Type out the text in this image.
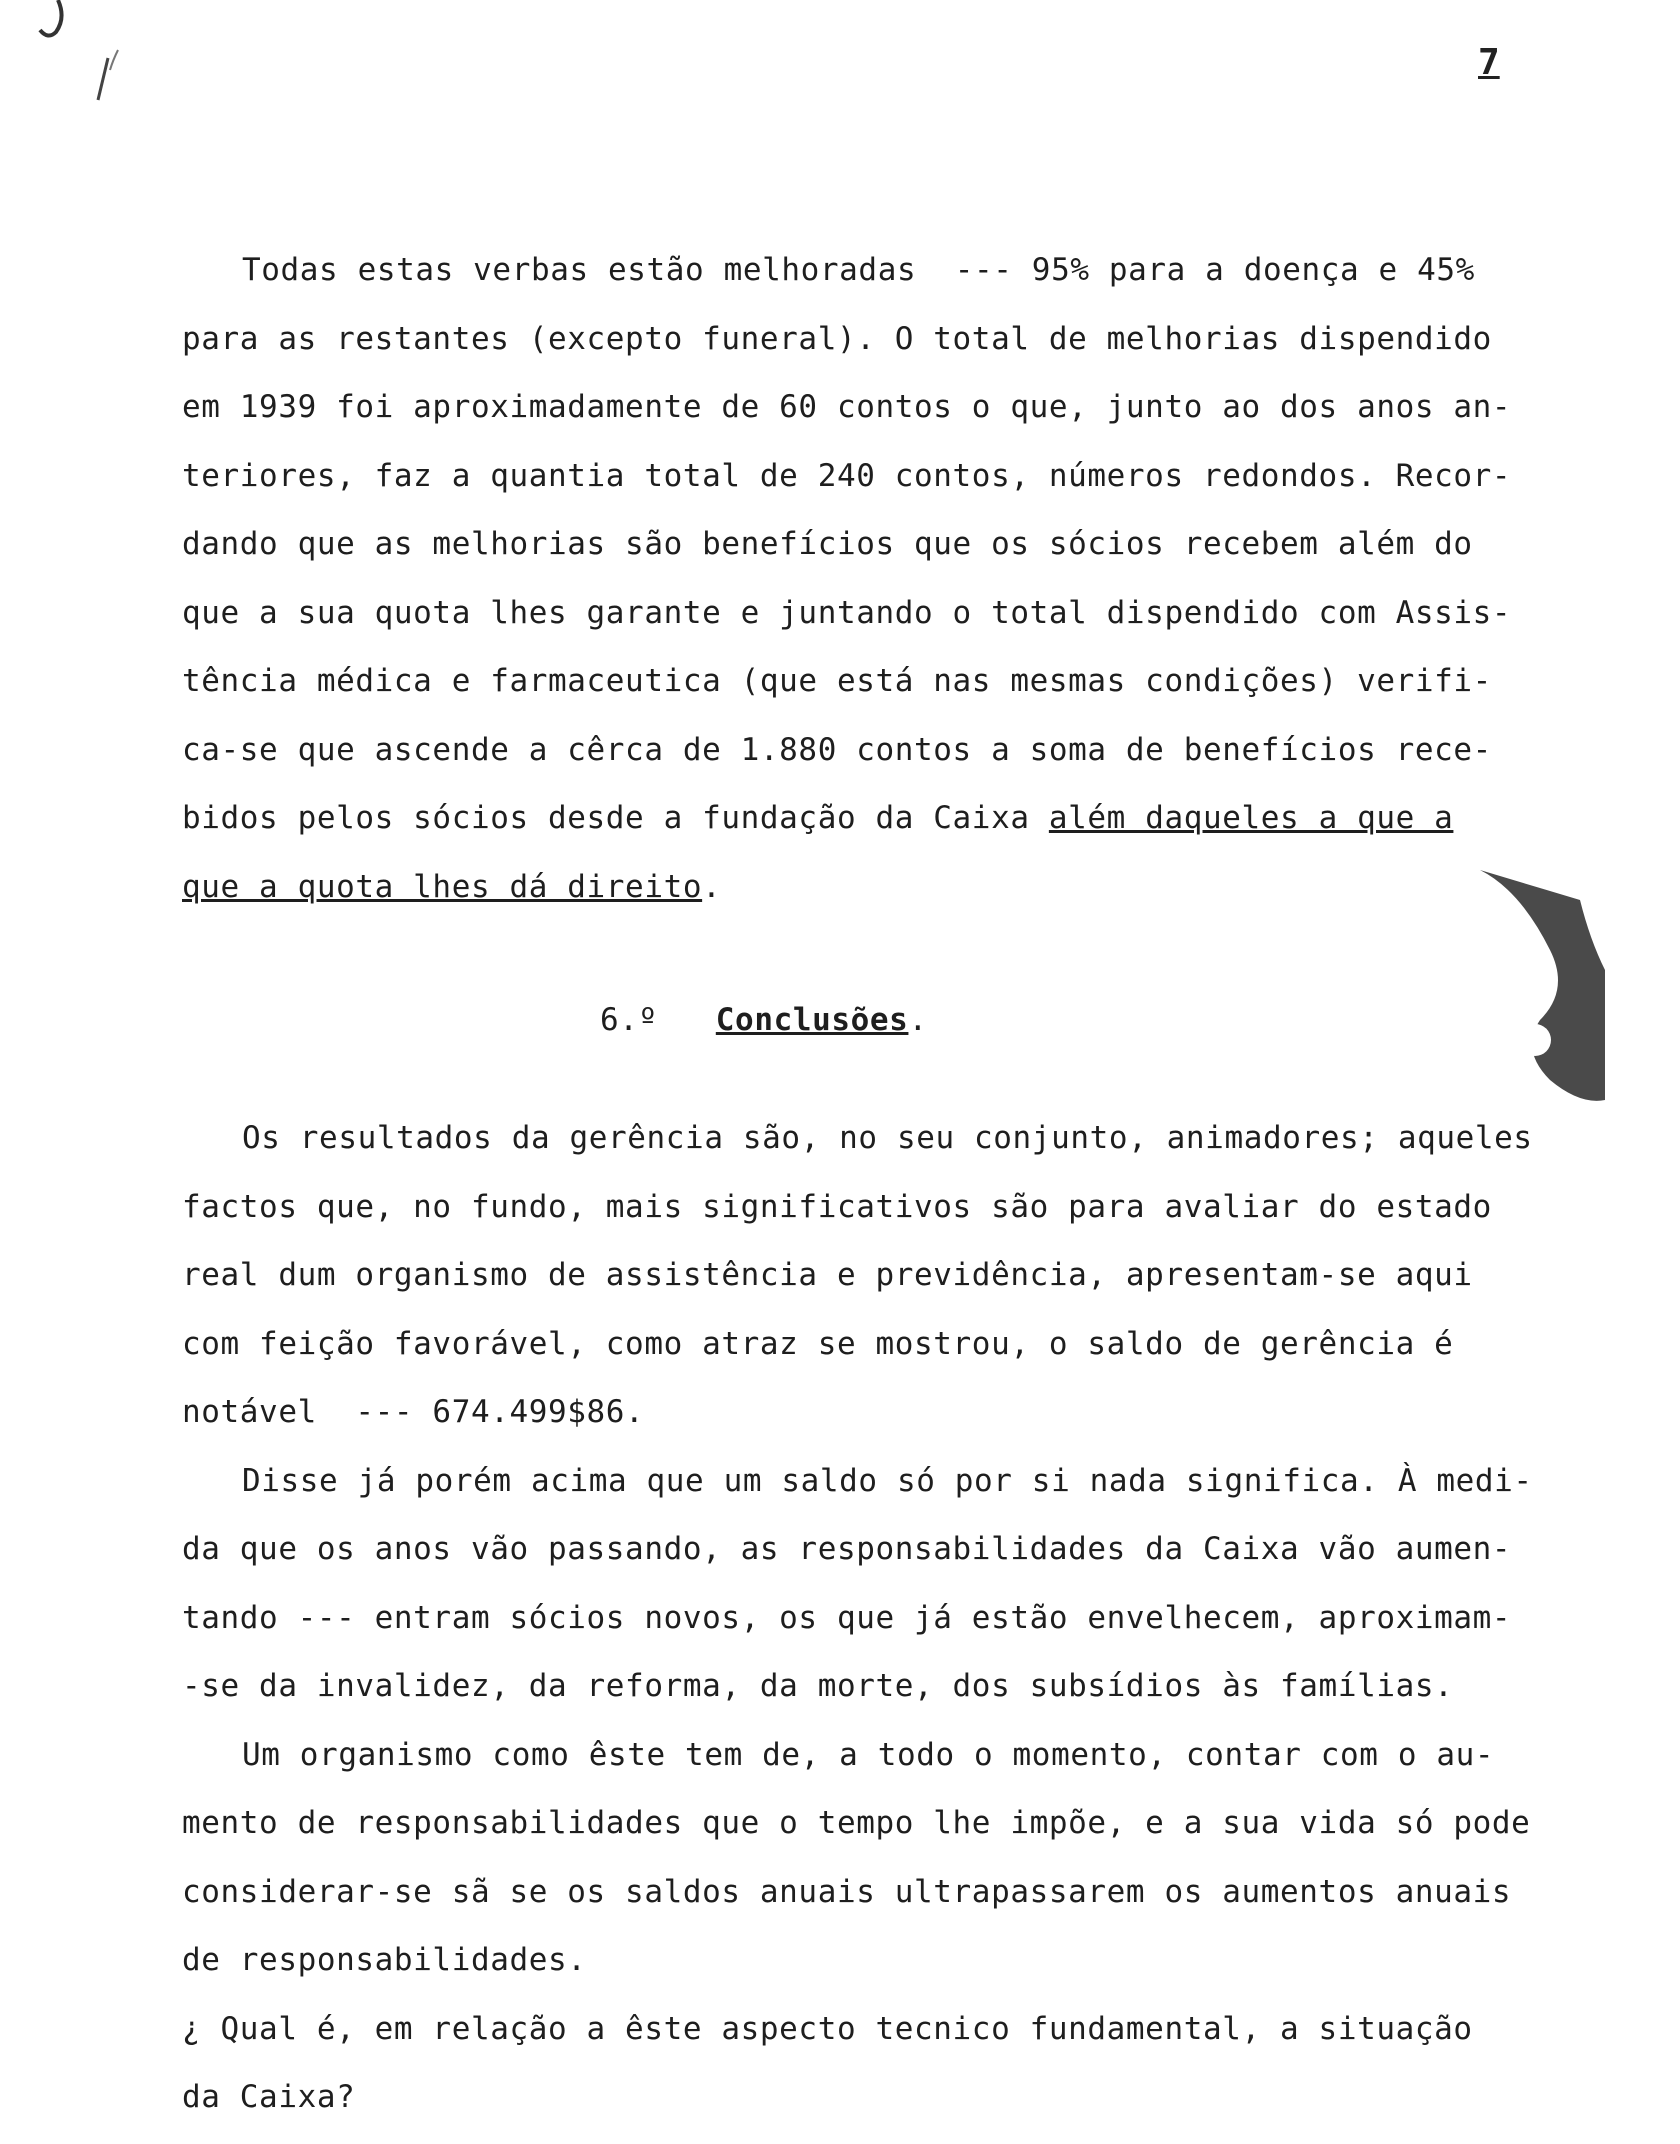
7
Todas estas verbas estão melhoradas  --- 95% para a doença e 45%
para as restantes (excepto funeral). O total de melhorias dispendido
em 1939 foi aproximadamente de 60 contos o que, junto ao dos anos an-
teriores, faz a quantia total de 240 contos, números redondos. Recor-
dando que as melhorias são benefícios que os sócios recebem além do
que a sua quota lhes garante e juntando o total dispendido com Assis-
tência médica e farmaceutica (que está nas mesmas condições) verifi-
ca-se que ascende a cêrca de 1.880 contos a soma de benefícios rece-
bidos pelos sócios desde a fundação da Caixa além daqueles a que a
que a quota lhes dá direito.
6.º Conclusões.
Os resultados da gerência são, no seu conjunto, animadores; aqueles
factos que, no fundo, mais significativos são para avaliar do estado
real dum organismo de assistência e previdência, apresentam-se aqui
com feição favorável, como atraz se mostrou, o saldo de gerência é
notável  --- 674.499$86.
Disse já porém acima que um saldo só por si nada significa. À medi-
da que os anos vão passando, as responsabilidades da Caixa vão aumen-
tando --- entram sócios novos, os que já estão envelhecem, aproximam-
-se da invalidez, da reforma, da morte, dos subsídios às famílias.
Um organismo como êste tem de, a todo o momento, contar com o au-
mento de responsabilidades que o tempo lhe impõe, e a sua vida só pode
considerar-se sã se os saldos anuais ultrapassarem os aumentos anuais
de responsabilidades.
¿ Qual é, em relação a êste aspecto tecnico fundamental, a situação
da Caixa?
